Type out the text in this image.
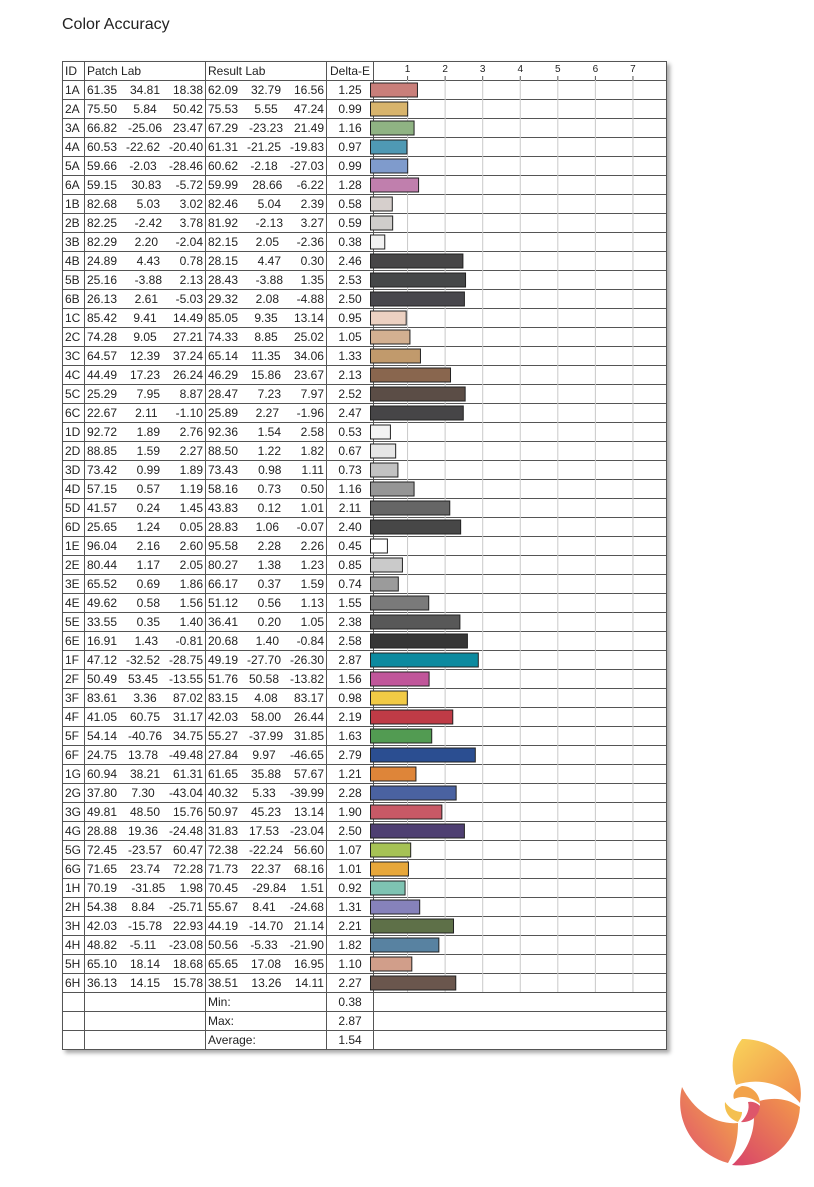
Color Accuracy
ID	Patch Lab	Result Lab	Delta-E	
1A	61.35 34.81 18.38	62.09 32.79 16.56	1.25	
2A	75.50 5.84 50.42	75.53 5.55 47.24	0.99	
3A	66.82 -25.06 23.47	67.29 -23.23 21.49	1.16	
4A	60.53 -22.62 -20.40	61.31 -21.25 -19.83	0.97	
5A	59.66 -2.03 -28.46	60.62 -2.18 -27.03	0.99	
6A	59.15 30.83 -5.72	59.99 28.66 -6.22	1.28	
1B	82.68 5.03 3.02	82.46 5.04 2.39	0.58	
2B	82.25 -2.42 3.78	81.92 -2.13 3.27	0.59	
3B	82.29 2.20 -2.04	82.15 2.05 -2.36	0.38	
4B	24.89 4.43 0.78	28.15 4.47 0.30	2.46	
5B	25.16 -3.88 2.13	28.43 -3.88 1.35	2.53	
6B	26.13 2.61 -5.03	29.32 2.08 -4.88	2.50	
1C	85.42 9.41 14.49	85.05 9.35 13.14	0.95	
2C	74.28 9.05 27.21	74.33 8.85 25.02	1.05	
3C	64.57 12.39 37.24	65.14 11.35 34.06	1.33	
4C	44.49 17.23 26.24	46.29 15.86 23.67	2.13	
5C	25.29 7.95 8.87	28.47 7.23 7.97	2.52	
6C	22.67 2.11 -1.10	25.89 2.27 -1.96	2.47	
1D	92.72 1.89 2.76	92.36 1.54 2.58	0.53	
2D	88.85 1.59 2.27	88.50 1.22 1.82	0.67	
3D	73.42 0.99 1.89	73.43 0.98 1.11	0.73	
4D	57.15 0.57 1.19	58.16 0.73 0.50	1.16	
5D	41.57 0.24 1.45	43.83 0.12 1.01	2.11	
6D	25.65 1.24 0.05	28.83 1.06 -0.07	2.40	
1E	96.04 2.16 2.60	95.58 2.28 2.26	0.45	
2E	80.44 1.17 2.05	80.27 1.38 1.23	0.85	
3E	65.52 0.69 1.86	66.17 0.37 1.59	0.74	
4E	49.62 0.58 1.56	51.12 0.56 1.13	1.55	
5E	33.55 0.35 1.40	36.41 0.20 1.05	2.38	
6E	16.91 1.43 -0.81	20.68 1.40 -0.84	2.58	
1F	47.12 -32.52 -28.75	49.19 -27.70 -26.30	2.87	
2F	50.49 53.45 -13.55	51.76 50.58 -13.82	1.56	
3F	83.61 3.36 87.02	83.15 4.08 83.17	0.98	
4F	41.05 60.75 31.17	42.03 58.00 26.44	2.19	
5F	54.14 -40.76 34.75	55.27 -37.99 31.85	1.63	
6F	24.75 13.78 -49.48	27.84 9.97 -46.65	2.79	
1G	60.94 38.21 61.31	61.65 35.88 57.67	1.21	
2G	37.80 7.30 -43.04	40.32 5.33 -39.99	2.28	
3G	49.81 48.50 15.76	50.97 45.23 13.14	1.90	
4G	28.88 19.36 -24.48	31.83 17.53 -23.04	2.50	
5G	72.45 -23.57 60.47	72.38 -22.24 56.60	1.07	
6G	71.65 23.74 72.28	71.73 22.37 68.16	1.01	
1H	70.19 -31.85 1.98	70.45 -29.84 1.51	0.92	
2H	54.38 8.84 -25.71	55.67 8.41 -24.68	1.31	
3H	42.03 -15.78 22.93	44.19 -14.70 21.14	2.21	
4H	48.82 -5.11 -23.08	50.56 -5.33 -21.90	1.82	
5H	65.10 18.14 18.68	65.65 17.08 16.95	1.10	
6H	36.13 14.15 15.78	38.51 13.26 14.11	2.27	
		Min:	0.38	
		Max:	2.87	
		Average:	1.54	
1	2	3	4	5	6	7
